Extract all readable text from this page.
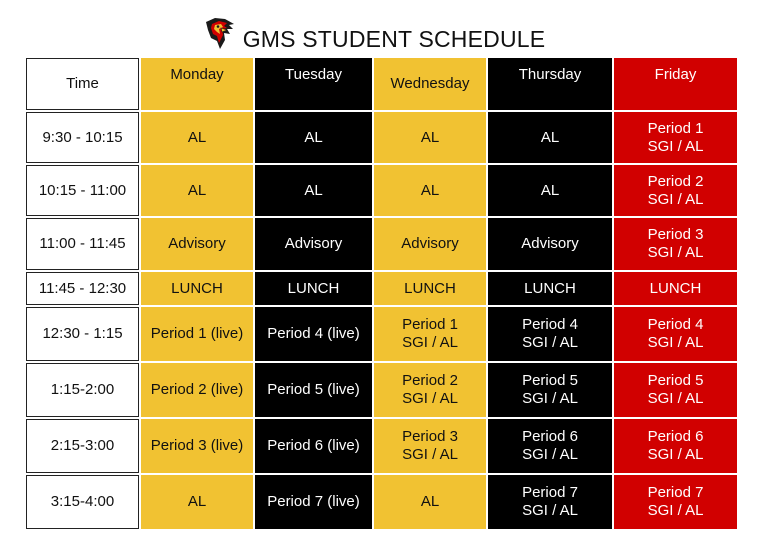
GMS STUDENT SCHEDULE
Time	Monday	Tuesday	Wednesday	Thursday	Friday
9:30 - 10:15	AL	AL	AL	AL	Period 1
SGI / AL

10:15 - 11:00	AL	AL	AL	AL	Period 2
SGI / AL

11:00 - 11:45	Advisory	Advisory	Advisory	Advisory	Period 3
SGI / AL

11:45 - 12:30	LUNCH	LUNCH	LUNCH	LUNCH	LUNCH
12:30 - 1:15	Period 1 (live)	Period 4 (live)	Period 1
SGI / AL	Period 4
SGI / AL	Period 4
SGI / AL

1:15-2:00	Period 2 (live)	Period 5 (live)	Period 2
SGI / AL	Period 5
SGI / AL	Period 5
SGI / AL

2:15-3:00	Period 3 (live)	Period 6 (live)	Period 3
SGI / AL	Period 6
SGI / AL	Period 6
SGI / AL

3:15-4:00	AL	Period 7 (live)	AL	Period 7
SGI / AL	Period 7
SGI / AL
